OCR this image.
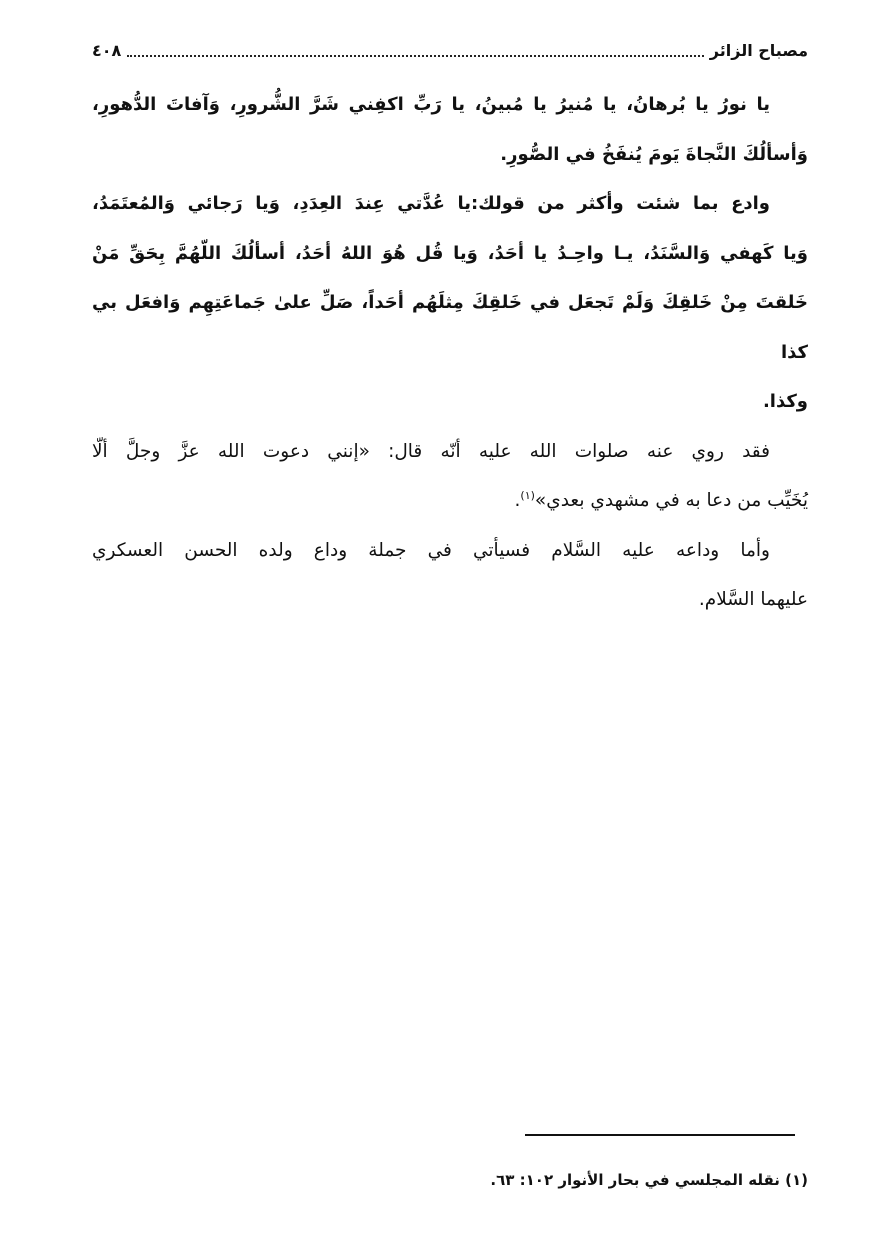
مصباح الزائر
٤٠٨
يا نورُ يا بُرهانُ، يا مُنيرُ يا مُبينُ، يا رَبِّ اكفِني شَرَّ الشُّرورِ، وَآفاتَ الدُّهورِ،
وَأسألُكَ النَّجاةَ يَومَ يُنفَخُ في الصُّورِ.
وادع بما شئت وأكثر من قولك:يا عُدَّتي عِندَ العِدَدِ، وَيا رَجائي وَالمُعتَمَدُ،
وَيا كَهفي وَالسَّنَدُ، يـا واحِـدُ يا أحَدُ، وَيا قُل هُوَ اللهُ أحَدُ، أسألُكَ اللّهُمَّ بِحَقِّ مَنْ
خَلقتَ مِنْ خَلقِكَ وَلَمْ تَجعَل في خَلقِكَ مِثلَهُم أحَداً، صَلِّ علىٰ جَماعَتِهِم وَافعَل بي كذا
وكذا.
فقد روي عنه صلوات الله عليه أنّه قال: «إنني دعوت الله عزَّ وجلَّ ألّا
يُخَيِّب من دعا به في مشهدي بعدي»$^{(١)}$.
وأما وداعه عليه السَّلام فسيأتي في جملة وداع ولده الحسن العسكري
عليهما السَّلام.
(١) نقله المجلسي في بحار الأنوار ١٠٢: ٦٣.
